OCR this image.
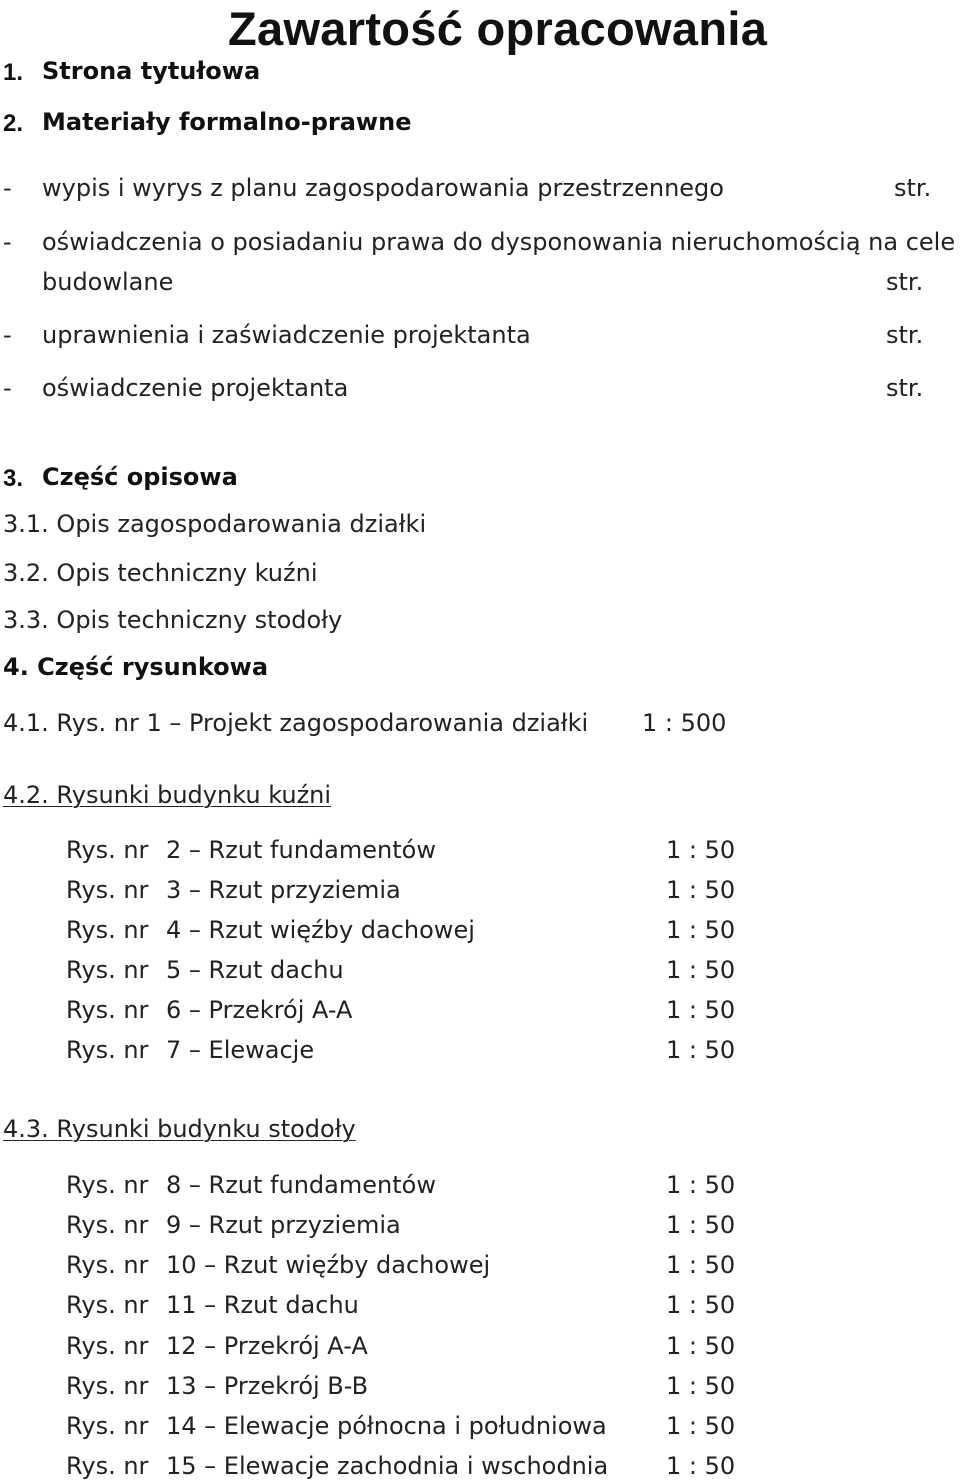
Zawartość opracowania
1. Strona tytułowa
2. Materiały formalno-prawne
- wypis i wyrys z planu zagospodarowania przestrzennego	str.
- oświadczenia o posiadaniu prawa do dysponowania nieruchomością na cele
budowlane	str.
- uprawnienia i zaświadczenie projektanta	str.
- oświadczenie projektanta	str.
3. Część opisowa
3.1. Opis zagospodarowania działki
3.2. Opis techniczny kuźni
3.3. Opis techniczny stodoły
4. Część rysunkowa
4.1. Rys. nr 1 – Projekt zagospodarowania działki 1 : 500
4.2. Rysunki budynku kuźni
Rys. nr 2 – Rzut fundamentów	1 : 50
Rys. nr 3 – Rzut przyziemia	1 : 50
Rys. nr 4 – Rzut więźby dachowej	1 : 50
Rys. nr 5 – Rzut dachu	1 : 50
Rys. nr 6 – Przekrój A-A	1 : 50
Rys. nr 7 – Elewacje	1 : 50
4.3. Rysunki budynku stodoły
Rys. nr 8 – Rzut fundamentów	1 : 50
Rys. nr 9 – Rzut przyziemia	1 : 50
Rys. nr 10 – Rzut więźby dachowej	1 : 50
Rys. nr 11 – Rzut dachu	1 : 50
Rys. nr 12 – Przekrój A-A	1 : 50
Rys. nr 13 – Przekrój B-B	1 : 50
Rys. nr 14 – Elewacje północna i południowa 1 : 50
Rys. nr 15 – Elewacje zachodnia i wschodnia 1 : 50
